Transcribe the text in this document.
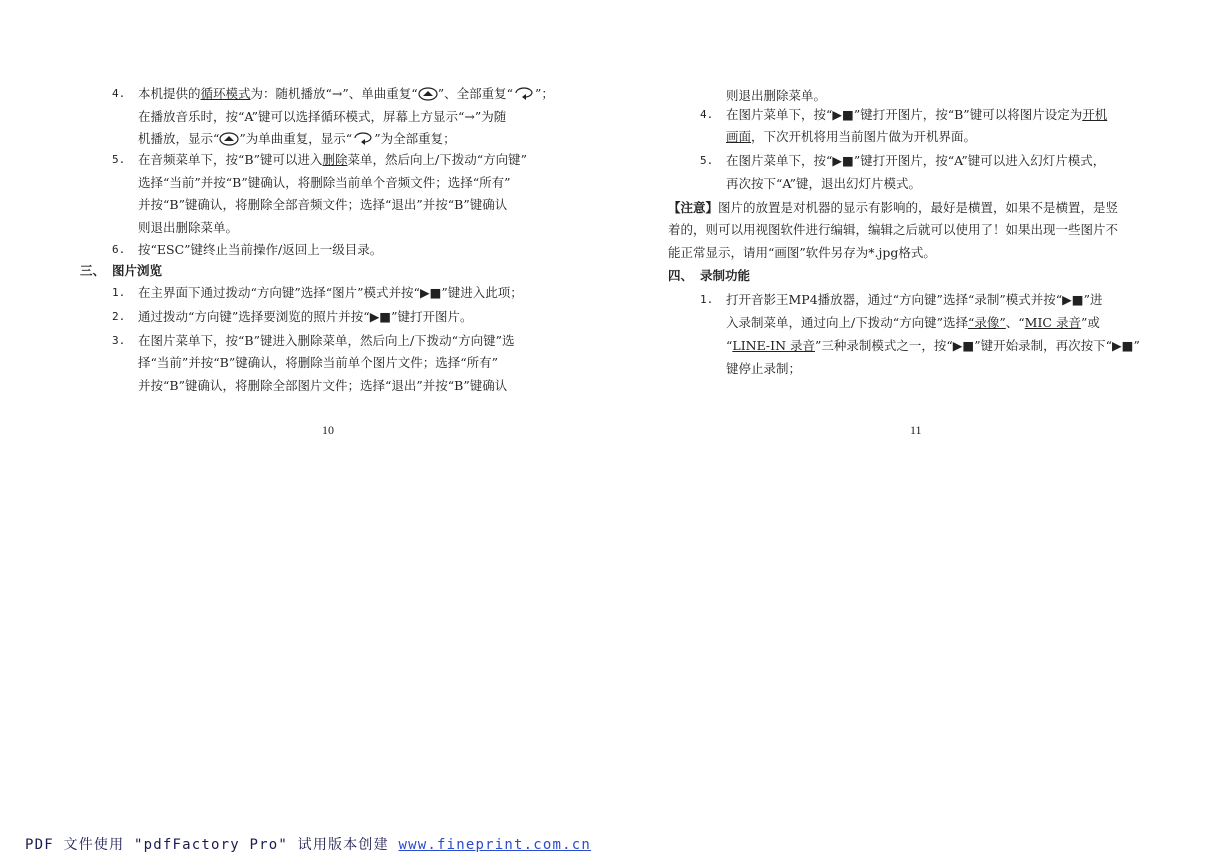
4. 本机提供的循环模式为：随机播放“→”、单曲重复“ ”、全部重复“ ”；
在播放音乐时，按“A”键可以选择循环模式，屏幕上方显示“→”为随
机播放，显示“ ”为单曲重复，显示“ ”为全部重复；
5. 在音频菜单下，按“B”键可以进入删除菜单，然后向上/下拨动“方向键”
选择“当前”并按“B”键确认，将删除当前单个音频文件；选择“所有”
并按“B”键确认，将删除全部音频文件；选择“退出”并按“B”键确认
则退出删除菜单。
6. 按“ESC”键终止当前操作/返回上一级目录。
三、 图片浏览
1. 在主界面下通过拨动“方向键”选择“图片”模式并按“▶■”键进入此项；
2. 通过拨动“方向键”选择要浏览的照片并按“▶■”键打开图片。
3. 在图片菜单下，按“B”键进入删除菜单，然后向上/下拨动“方向键”选
择“当前”并按“B”键确认，将删除当前单个图片文件；选择“所有”
并按“B”键确认，将删除全部图片文件；选择“退出”并按“B”键确认
10
则退出删除菜单。
4. 在图片菜单下，按“▶■”键打开图片，按“B”键可以将图片设定为开机
画面，下次开机将用当前图片做为开机界面。
5. 在图片菜单下，按“▶■”键打开图片，按“A”键可以进入幻灯片模式，
再次按下“A”键，退出幻灯片模式。
【注意】图片的放置是对机器的显示有影响的，最好是横置，如果不是横置，是竖
着的，则可以用视图软件进行编辑，编辑之后就可以使用了！如果出现一些图片不
能正常显示，请用“画图”软件另存为*.jpg格式。
四、 录制功能
1. 打开音影王MP4播放器，通过“方向键”选择“录制”模式并按“▶■”进
入录制菜单，通过向上/下拨动“方向键”选择“录像”、“MIC 录音”或
“LINE-IN 录音”三种录制模式之一，按“▶■”键开始录制，再次按下“▶■”
键停止录制；
11
PDF 文件使用 "pdfFactory Pro" 试用版本创建 www.fineprint.com.cn
